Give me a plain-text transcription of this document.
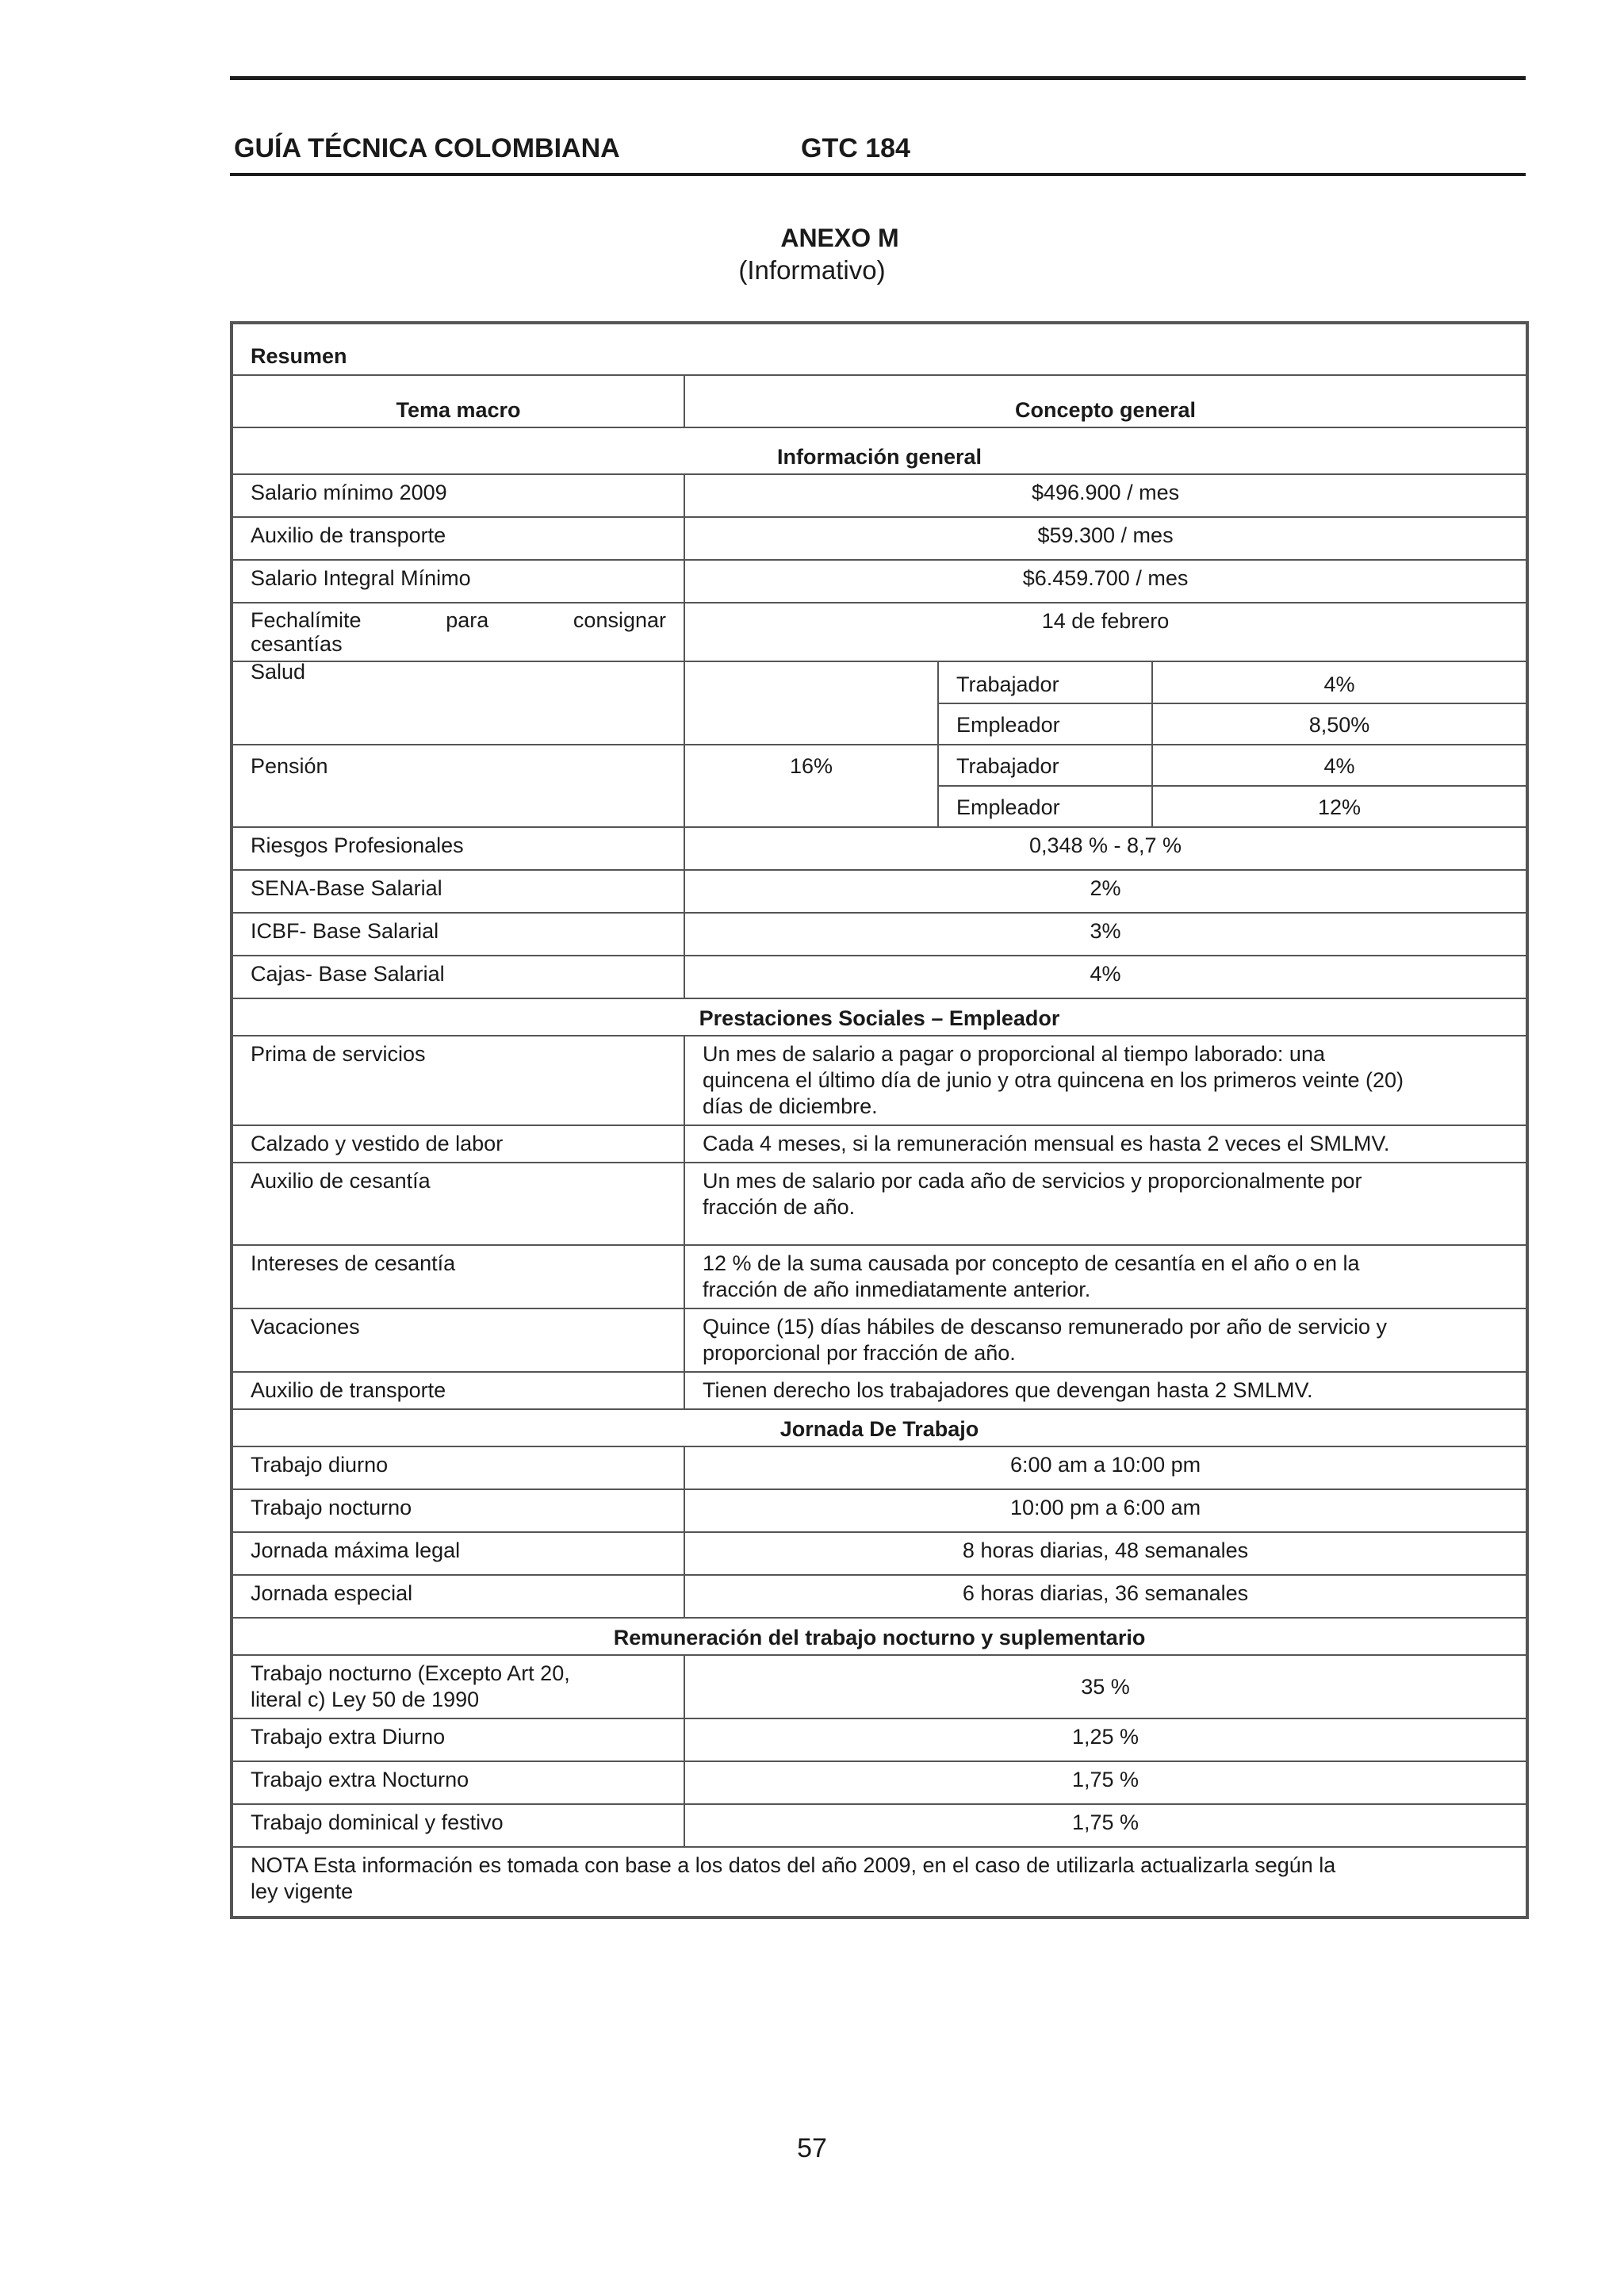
GUÍA TÉCNICA COLOMBIANA	GTC 184
ANEXO M
(Informativo)
Resumen			
Tema macro	Concepto general		
Información general			
Salario mínimo 2009	$496.900 / mes		
Auxilio de transporte	$59.300 / mes		
Salario Integral Mínimo	$6.459.700 / mes		

Fechalímite para consignar
cesantías	14 de febrero		
Salud		Trabajador	4%
		Empleador	8,50%
Pensión	16%	Trabajador	4%
		Empleador	12%
Riesgos Profesionales	0,348 % - 8,7 %		
SENA-Base Salarial	2%		
ICBF- Base Salarial	3%		
Cajas- Base Salarial	4%		
Prestaciones Sociales – Empleador			
Prima de servicios	Un mes de salario a pagar o proporcional al tiempo laborado: una quincena el último día de junio y otra quincena en los primeros veinte (20) días de diciembre.		
Calzado y vestido de labor	Cada 4 meses, si la remuneración mensual es hasta 2 veces el SMLMV.		
Auxilio de cesantía	Un mes de salario por cada año de servicios y proporcionalmente por fracción de año.		
Intereses de cesantía	12 % de la suma causada por concepto de cesantía en el año o en la fracción de año inmediatamente anterior.		
Vacaciones	Quince (15) días hábiles de descanso remunerado por año de servicio y proporcional por fracción de año.		
Auxilio de transporte	Tienen derecho los trabajadores que devengan hasta 2 SMLMV.		
Jornada De Trabajo			
Trabajo diurno	6:00 am a 10:00 pm		
Trabajo nocturno	10:00 pm a 6:00 am		
Jornada máxima legal	8 horas diarias, 48 semanales		
Jornada especial	6 horas diarias, 36 semanales		
Remuneración del trabajo nocturno y suplementario			
Trabajo nocturno (Excepto Art 20, literal c) Ley 50 de 1990	35 %		
Trabajo extra Diurno	1,25 %		
Trabajo extra Nocturno	1,75 %		
Trabajo dominical y festivo	1,75 %		
NOTA Esta información es tomada con base a los datos del año 2009, en el caso de utilizarla actualizarla según la ley vigente			
57
